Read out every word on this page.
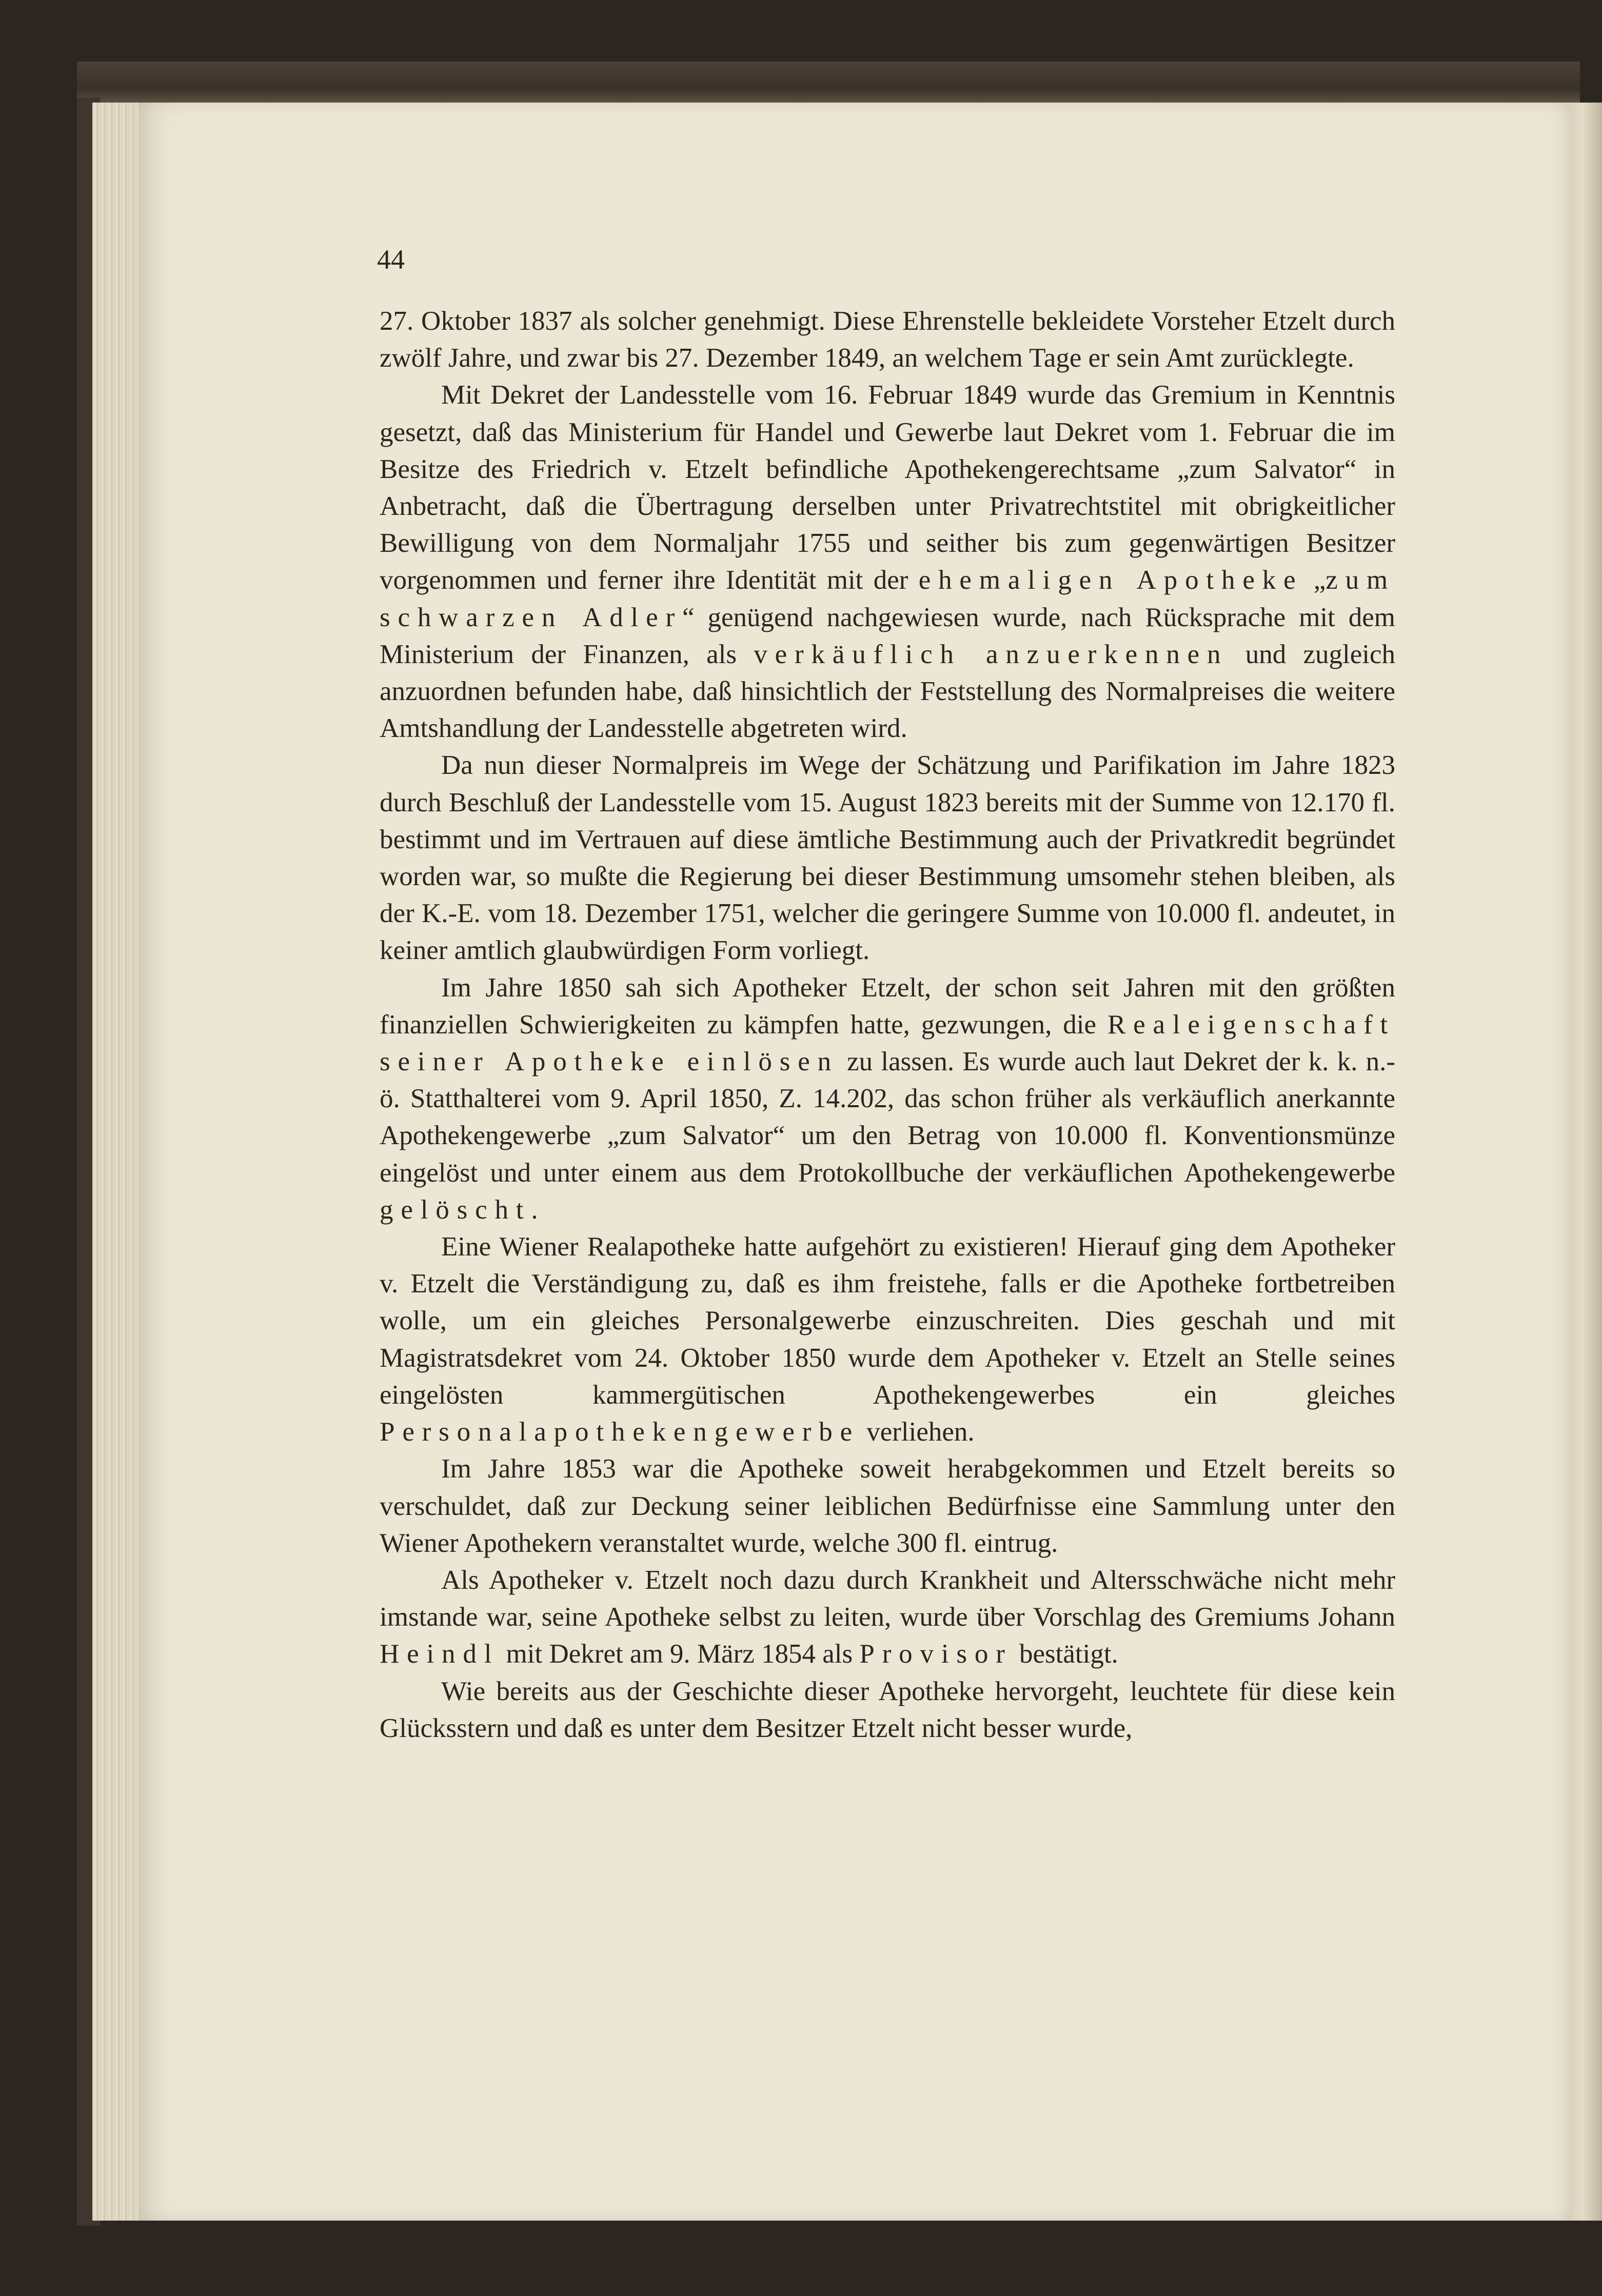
44

27. Oktober 1837 als solcher genehmigt. Diese Ehrenstelle bekleidete Vorsteher Etzelt durch zwölf Jahre, und zwar bis 27. Dezember 1849, an welchem Tage er sein Amt zurücklegte.

Mit Dekret der Landesstelle vom 16. Februar 1849 wurde das Gremium in Kenntnis gesetzt, daß das Ministerium für Handel und Gewerbe laut Dekret vom 1. Februar die im Besitze des Friedrich v. Etzelt befindliche Apothekengerechtsame „zum Salvator“ in Anbetracht, daß die Übertragung derselben unter Privatrechtstitel mit obrigkeitlicher Bewilligung von dem Normaljahr 1755 und seither bis zum gegenwärtigen Besitzer vorgenommen und ferner ihre Identität mit der ehemaligen Apotheke „zum schwarzen Adler“ genügend nachgewiesen wurde, nach Rücksprache mit dem Ministerium der Finanzen, als verkäuflich anzuerkennen und zugleich anzuordnen befunden habe, daß hinsichtlich der Feststellung des Normalpreises die weitere Amtshandlung der Landesstelle abgetreten wird.

Da nun dieser Normalpreis im Wege der Schätzung und Parifikation im Jahre 1823 durch Beschluß der Landesstelle vom 15. August 1823 bereits mit der Summe von 12.170 fl. bestimmt und im Vertrauen auf diese ämtliche Bestimmung auch der Privatkredit begründet worden war, so mußte die Regierung bei dieser Bestimmung umsomehr stehen bleiben, als der K.-E. vom 18. Dezember 1751, welcher die geringere Summe von 10.000 fl. andeutet, in keiner amtlich glaubwürdigen Form vorliegt.

Im Jahre 1850 sah sich Apotheker Etzelt, der schon seit Jahren mit den größten finanziellen Schwierigkeiten zu kämpfen hatte, gezwungen, die Realeigenschaft seiner Apotheke einlösen zu lassen. Es wurde auch laut Dekret der k. k. n.-ö. Statthalterei vom 9. April 1850, Z. 14.202, das schon früher als verkäuflich anerkannte Apothekengewerbe „zum Salvator“ um den Betrag von 10.000 fl. Konventionsmünze eingelöst und unter einem aus dem Protokollbuche der verkäuflichen Apothekengewerbe gelöscht.

Eine Wiener Realapotheke hatte aufgehört zu existieren! Hierauf ging dem Apotheker v. Etzelt die Verständigung zu, daß es ihm freistehe, falls er die Apotheke fortbetreiben wolle, um ein gleiches Personalgewerbe einzuschreiten. Dies geschah und mit Magistratsdekret vom 24. Oktober 1850 wurde dem Apotheker v. Etzelt an Stelle seines eingelösten kammergütischen Apothekengewerbes ein gleiches Personalapothekengewerbe verliehen.

Im Jahre 1853 war die Apotheke soweit herabgekommen und Etzelt bereits so verschuldet, daß zur Deckung seiner leiblichen Bedürfnisse eine Sammlung unter den Wiener Apothekern veranstaltet wurde, welche 300 fl. eintrug.

Als Apotheker v. Etzelt noch dazu durch Krankheit und Altersschwäche nicht mehr imstande war, seine Apotheke selbst zu leiten, wurde über Vorschlag des Gremiums Johann Heindl mit Dekret am 9. März 1854 als Provisor bestätigt.

Wie bereits aus der Geschichte dieser Apotheke hervorgeht, leuchtete für diese kein Glücksstern und daß es unter dem Besitzer Etzelt nicht besser wurde,
